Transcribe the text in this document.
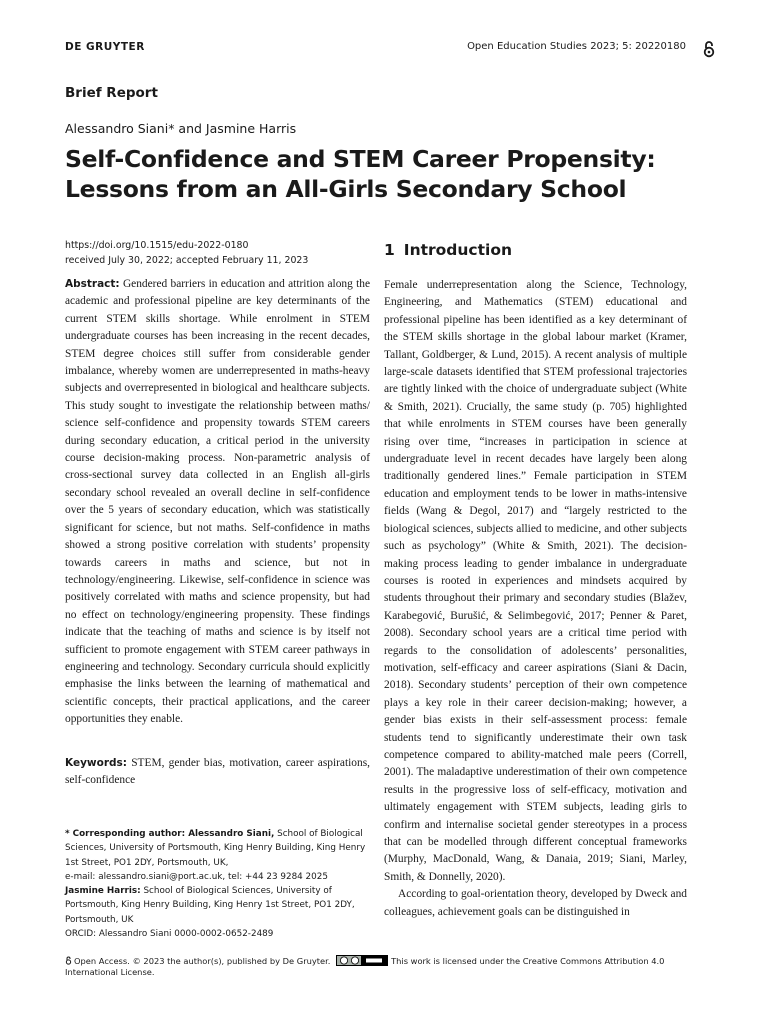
DE GRUYTER	Open Education Studies 2023; 5: 20220180
Brief Report
Alessandro Siani* and Jasmine Harris
Self-Confidence and STEM Career Propensity:
Lessons from an All-Girls Secondary School
https://doi.org/10.1515/edu-2022-0180
received July 30, 2022; accepted February 11, 2023
Abstract: Gendered barriers in education and attrition along the academic and professional pipeline are key determinants of the current STEM skills shortage. While enrolment in STEM undergraduate courses has been increasing in the recent decades, STEM degree choices still suffer from considerable gender imbalance, whereby women are underrepresented in maths-heavy subjects and overrepresented in biological and healthcare subjects. This study sought to investigate the relationship between maths/ science self-confidence and propensity towards STEM careers during secondary education, a critical period in the university course decision-making process. Non-parametric analysis of cross-sectional survey data collected in an English all-girls secondary school revealed an overall decline in self-confidence over the 5 years of secondary education, which was statistically significant for science, but not maths. Self-confidence in maths showed a strong positive correlation with students’ propensity towards careers in maths and science, but not in technology/engineering. Likewise, self-confidence in science was positively correlated with maths and science propensity, but had no effect on technology/engineering propensity. These findings indicate that the teaching of maths and science is by itself not sufficient to promote engagement with STEM career pathways in engineering and technology. Secondary curricula should explicitly emphasise the links between the learning of mathematical and scientific concepts, their practical applications, and the career opportunities they enable.
Keywords: STEM, gender bias, motivation, career aspirations, self-confidence
* Corresponding author: Alessandro Siani, School of Biological Sciences, University of Portsmouth, King Henry Building, King Henry 1st Street, PO1 2DY, Portsmouth, UK,
e-mail: alessandro.siani@port.ac.uk, tel: +44 23 9284 2025
Jasmine Harris: School of Biological Sciences, University of Portsmouth, King Henry Building, King Henry 1st Street, PO1 2DY, Portsmouth, UK
ORCID: Alessandro Siani 0000-0002-0652-2489
1 Introduction

Female underrepresentation along the Science, Technology, Engineering, and Mathematics (STEM) educational and professional pipeline has been identified as a key determinant of the STEM skills shortage in the global labour market (Kramer, Tallant, Goldberger, & Lund, 2015). A recent analysis of multiple large-scale datasets identified that STEM professional trajectories are tightly linked with the choice of undergraduate subject (White & Smith, 2021). Crucially, the same study (p. 705) highlighted that while enrolments in STEM courses have been generally rising over time, “increases in participation in science at undergraduate level in recent decades have largely been along traditionally gendered lines.” Female participation in STEM education and employment tends to be lower in maths-intensive fields (Wang & Degol, 2017) and “largely restricted to the biological sciences, subjects allied to medicine, and other subjects such as psychology” (White & Smith, 2021). The decision-making process leading to gender imbalance in undergraduate courses is rooted in experiences and mindsets acquired by students throughout their primary and secondary studies (Blažev, Karabegović, Burušić, & Selimbegović, 2017; Penner & Paret, 2008). Secondary school years are a critical time period with regards to the consolidation of adolescents’ personalities, motivation, self-efficacy and career aspirations (Siani & Dacin, 2018). Secondary students’ perception of their own competence plays a key role in their career decision-making; however, a gender bias exists in their self-assessment process: female students tend to significantly underestimate their own task competence compared to ability-matched male peers (Correll, 2001). The maladaptive underestimation of their own competence results in the progressive loss of self-efficacy, motivation and ultimately engagement with STEM subjects, leading girls to confirm and internalise societal gender stereotypes in a process that can be modelled through different conceptual frameworks (Murphy, MacDonald, Wang, & Danaia, 2019; Siani, Marley, Smith, & Donnelly, 2020).

According to goal-orientation theory, developed by Dweck and colleagues, achievement goals can be distinguished in

Open Access. © 2023 the author(s), published by De Gruyter.	This work is licensed under the Creative Commons Attribution 4.0 International License.
